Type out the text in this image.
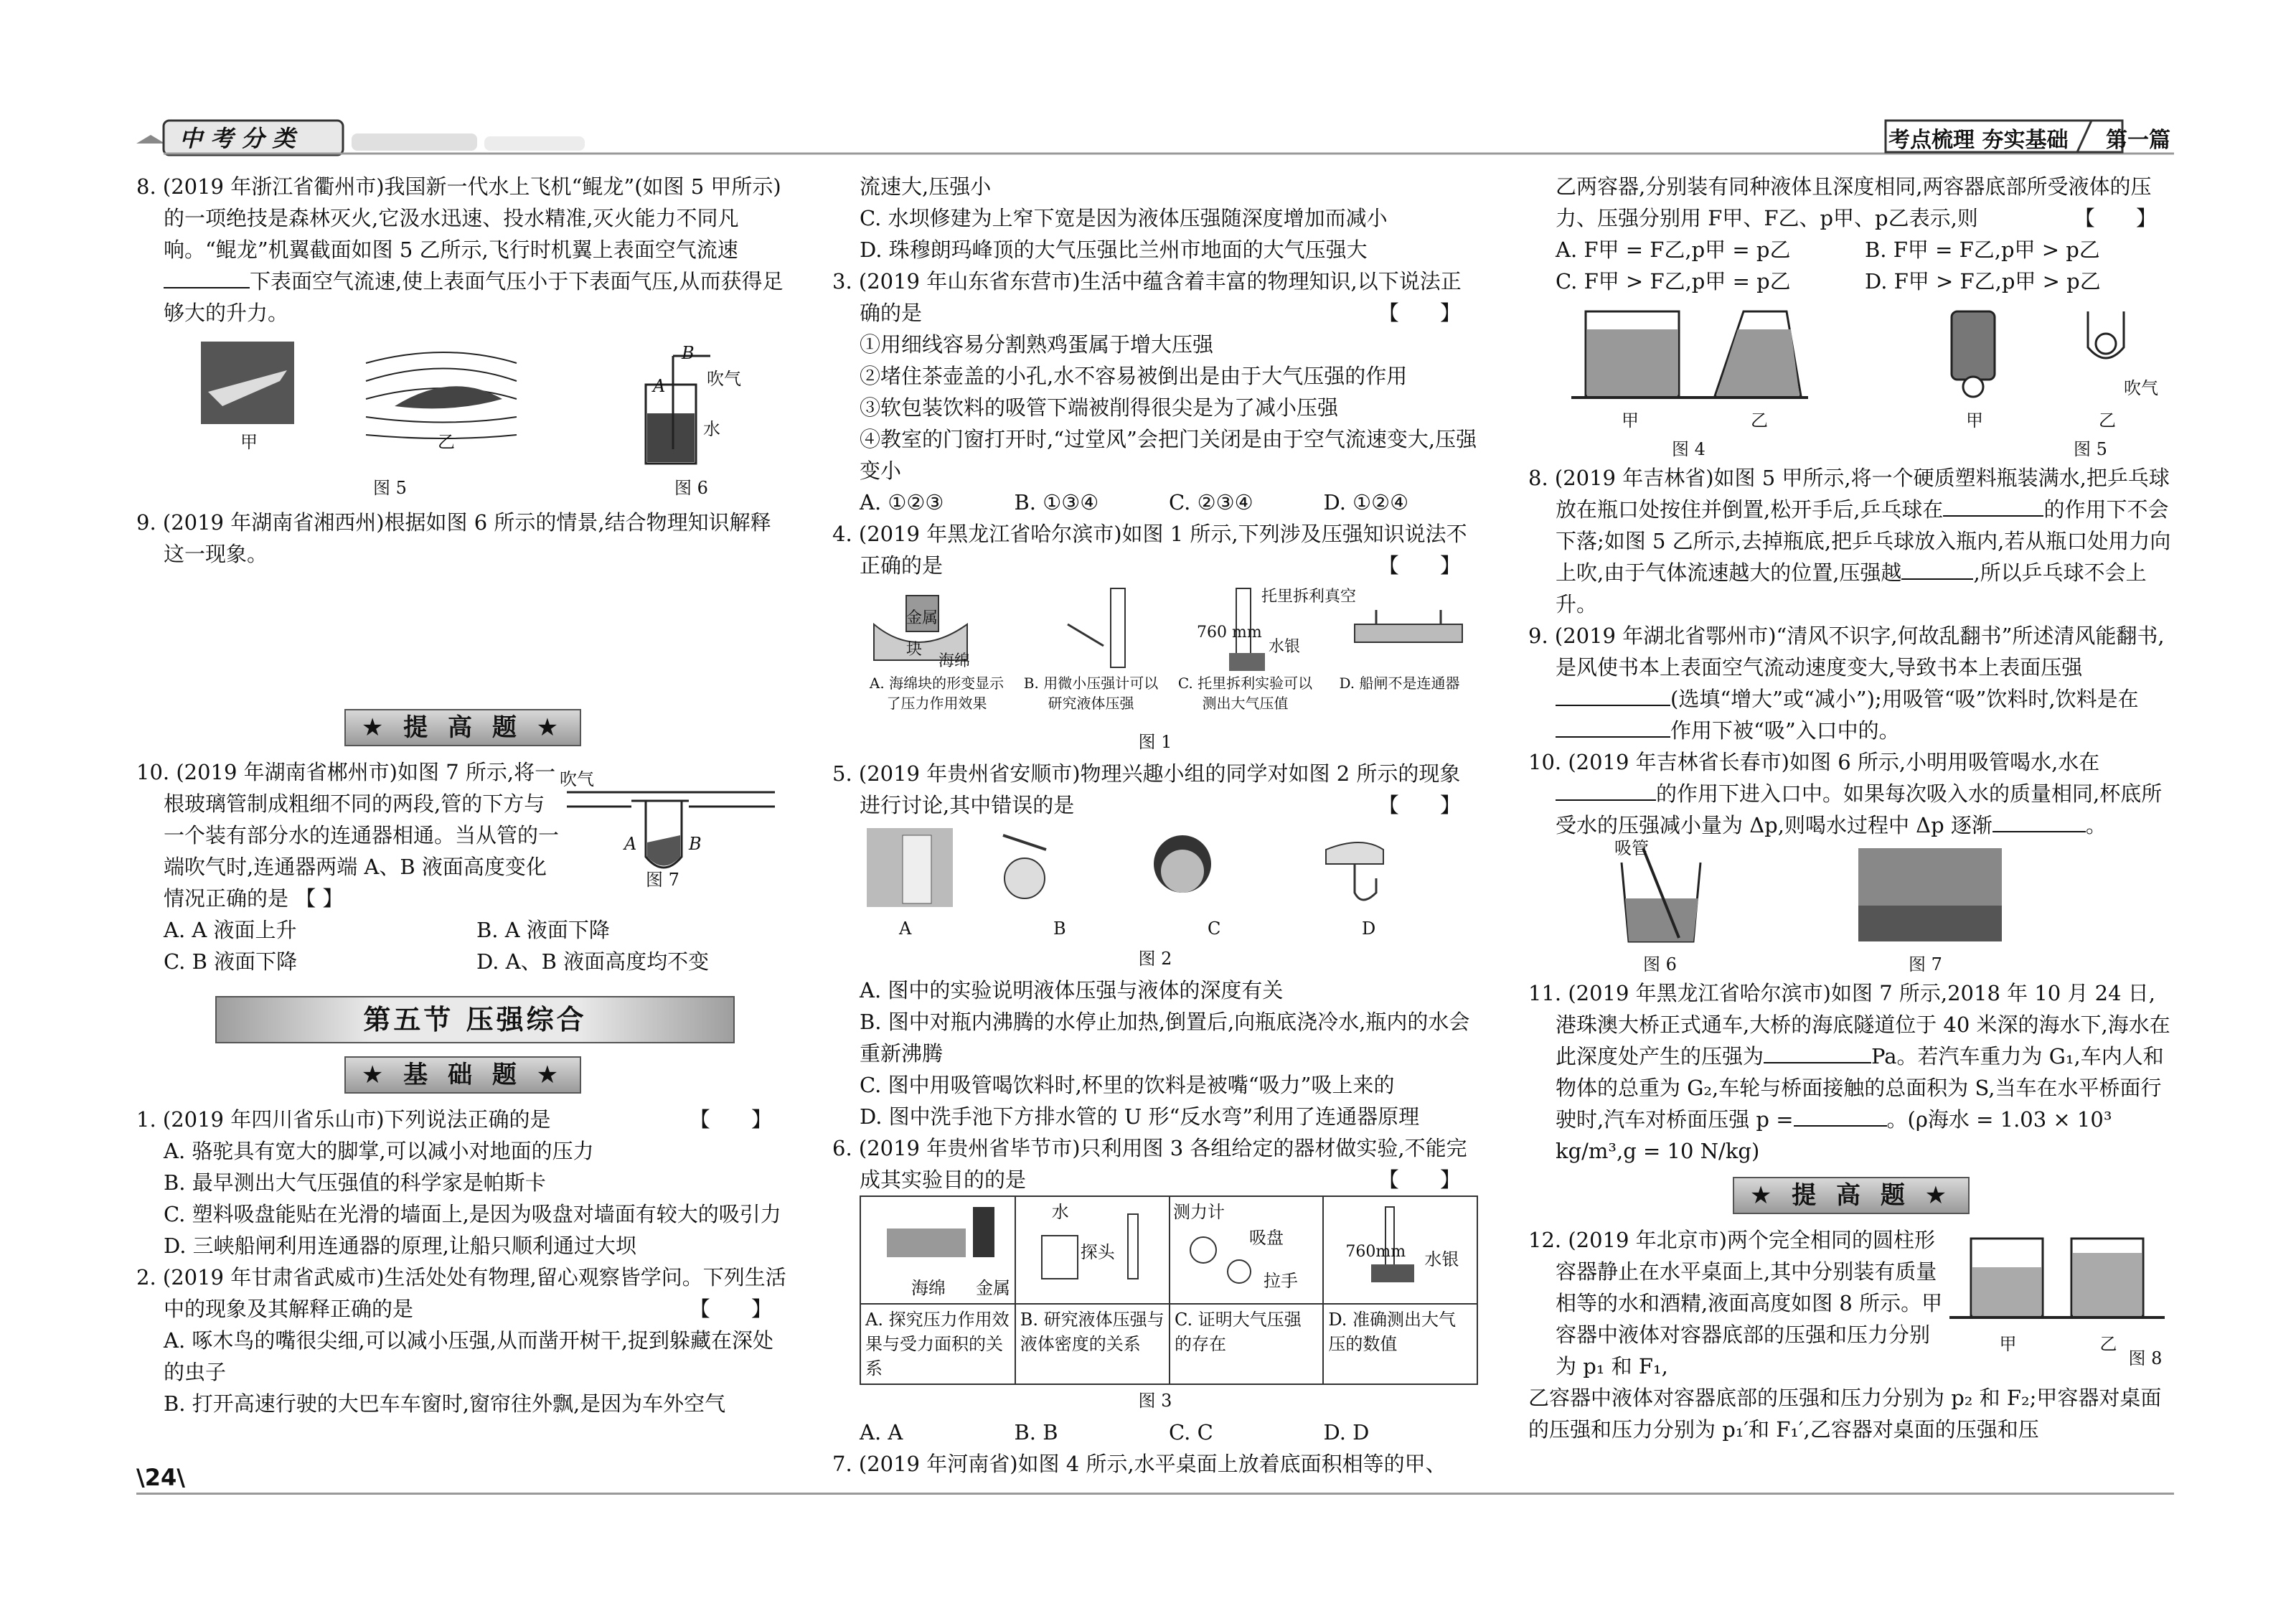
中 考 分 类	考点梳理 夯实基础 第一篇

8. (2019 年浙江省衢州市)我国新一代水上飞机“鲲龙”(如图 5 甲所示)的一项绝技是森林灭火,它汲水迅速、投水精准,灭火能力不同凡响。“鲲龙”机翼截面如图 5 乙所示,飞行时机翼上表面空气流速下表面空气流速,使上表面气压小于下表面气压,从而获得足够大的升力。

甲	乙
B
A 吹气
水
图 5	图 6

9. (2019 年湖南省湘西州)根据如图 6 所示的情景,结合物理知识解释这一现象。

★ 提 高 题 ★

10. (2019 年湖南省郴州市)如图 7 所示,将一根玻璃管制成粗细不同的两段,管的下方与一个装有部分水的连通器相通。当从管的一端吹气时,连通器两端 A、B 液面高度变化情况正确的是 【 】

吹气
A	B
图 7
A. A 液面上升	B. A 液面下降
C. B 液面下降	D. A、B 液面高度均不变
第五节 压强综合
★ 基 础 题 ★

1. (2019 年四川省乐山市)下列说法正确的是	【 】

A. 骆驼具有宽大的脚掌,可以减小对地面的压力

B. 最早测出大气压强值的科学家是帕斯卡

C. 塑料吸盘能贴在光滑的墙面上,是因为吸盘对墙面有较大的吸引力

D. 三峡船闸利用连通器的原理,让船只顺利通过大坝

2. (2019 年甘肃省武威市)生活处处有物理,留心观察皆学问。下列生活中的现象及其解释正确的是	【 】

A. 啄木鸟的嘴很尖细,可以减小压强,从而凿开树干,捉到躲藏在深处的虫子

B. 打开高速行驶的大巴车车窗时,窗帘往外飘,是因为车外空气

流速大,压强小

C. 水坝修建为上窄下宽是因为液体压强随深度增加而减小

D. 珠穆朗玛峰顶的大气压强比兰州市地面的大气压强大

3. (2019 年山东省东营市)生活中蕴含着丰富的物理知识,以下说法正确的是	【 】

①用细线容易分割熟鸡蛋属于增大压强

②堵住茶壶盖的小孔,水不容易被倒出是由于大气压强的作用

③软包装饮料的吸管下端被削得很尖是为了减小压强

④教室的门窗打开时,“过堂风”会把门关闭是由于空气流速变大,压强变小

A. ①②③	B. ①③④	C. ②③④	D. ①②④

4. (2019 年黑龙江省哈尔滨市)如图 1 所示,下列涉及压强知识说法不正确的是	【 】

金属块
海绵
托里拆利真空
760 mm
水银
A. 海绵块的形变显示了压力作用效果
B. 用微小压强计可以研究液体压强
C. 托里拆利实验可以测出大气压值
D. 船闸不是连通器
图 1

5. (2019 年贵州省安顺市)物理兴趣小组的同学对如图 2 所示的现象进行讨论,其中错误的是	【 】

A	B	C	D
图 2

A. 图中的实验说明液体压强与液体的深度有关

B. 图中对瓶内沸腾的水停止加热,倒置后,向瓶底浇冷水,瓶内的水会重新沸腾

C. 图中用吸管喝饮料时,杯里的饮料是被嘴“吸力”吸上来的

D. 图中洗手池下方排水管的 U 形“反水弯”利用了连通器原理

6. (2019 年贵州省毕节市)只利用图 3 各组给定的器材做实验,不能完成其实验目的的是	【 】

海绵 金属	水
探头	测力计
吸盘
拉手	760mm 水银

A. 探究压力作用效果与受力面积的关系	B. 研究液体压强与液体密度的关系	C. 证明大气压强的存在	D. 准确测出大气压的数值
图 3
A. A	B. B	C. C	D. D

7. (2019 年河南省)如图 4 所示,水平桌面上放着底面积相等的甲、

乙两容器,分别装有同种液体且深度相同,两容器底部所受液体的压力、压强分别用 F甲、F乙、p甲、p乙表示,则	【 】

A. F甲 = F乙,p甲 = p乙	B. F甲 = F乙,p甲 > p乙
C. F甲 > F乙,p甲 = p乙	D. F甲 > F乙,p甲 > p乙
甲	乙	甲	乙
吹气
图 4	图 5

8. (2019 年吉林省)如图 5 甲所示,将一个硬质塑料瓶装满水,把乒乓球放在瓶口处按住并倒置,松开手后,乒乓球在	的作用下不会下落;如图 5 乙所示,去掉瓶底,把乒乓球放入瓶内,若从瓶口处用力向上吹,由于气体流速越大的位置,压强越	,所以乒乓球不会上升。

9. (2019 年湖北省鄂州市)“清风不识字,何故乱翻书”所述清风能翻书,是风使书本上表面空气流动速度变大,导致书本上表面压强(选填“增大”或“减小”);用吸管“吸”饮料时,饮料是在作用下被“吸”入口中的。

10. (2019 年吉林省长春市)如图 6 所示,小明用吸管喝水,水在的作用下进入口中。如果每次吸入水的质量相同,杯底所受水的压强减小量为 Δp,则喝水过程中 Δp 逐渐	。

吸管
图 6	图 7

11. (2019 年黑龙江省哈尔滨市)如图 7 所示,2018 年 10 月 24 日,港珠澳大桥正式通车,大桥的海底隧道位于 40 米深的海水下,海水在此深度处产生的压强为	Pa。若汽车重力为 G₁,车内人和物体的总重为 G₂,车轮与桥面接触的总面积为 S,当车在水平桥面行驶时,汽车对桥面压强 p =	。(ρ海水 = 1.03 × 10³ kg/m³,g = 10 N/kg)

★ 提 高 题 ★

12. (2019 年北京市)两个完全相同的圆柱形容器静止在水平桌面上,其中分别装有质量相等的水和酒精,液面高度如图 8 所示。甲容器中液体对容器底部的压强和压力分别为 p₁ 和 F₁,

甲	乙
图 8

乙容器中液体对容器底部的压强和压力分别为 p₂ 和 F₂;甲容器对桌面的压强和压力分别为 p₁′和 F₁′,乙容器对桌面的压强和压

\24\
